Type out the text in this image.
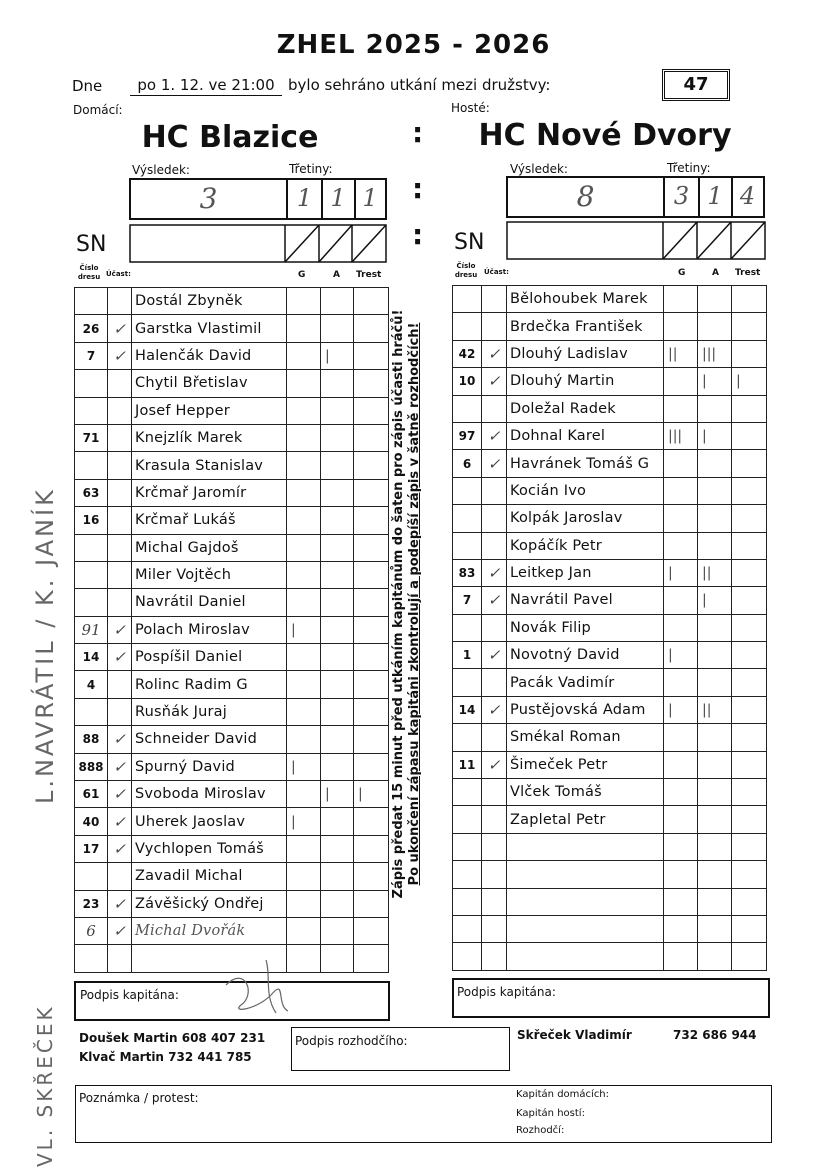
ZHEL 2025 - 2026
Dne	po 1. 12. ve 21:00 bylo sehráno utkání mezi družstvy:	47
Domácí:	Hosté:
HC Blazice	: HC Nové Dvory
Výsledek:	Třetiny:
3	1 1 1 :
Výsledek:	Třetiny:
8	3 1 4
SN	: SN
Číslo dresu Účast:	G	A Trest
Číslo dresu Účast:	G	A Trest
		Dostál Zbyněk			
26	✓	Garstka Vlastimil			
7	✓	Halenčák David		|	
		Chytil Břetislav			
		Josef Hepper			
71		Knejzlík Marek			
		Krasula Stanislav			
63		Krčmař Jaromír			
16		Krčmař Lukáš			
		Michal Gajdoš			
		Miler Vojtěch			
		Navrátil Daniel			
91	✓	Polach Miroslav	|		
14	✓	Pospíšil Daniel			
4		Rolinc Radim G			
		Rusňák Juraj			
88	✓	Schneider David			
888	✓	Spurný David	|		
61	✓	Svoboda Miroslav		|	|
40	✓	Uherek Jaoslav	|		
17	✓	Vychlopen Tomáš			
		Zavadil Michal			
23	✓	Závěšický Ondřej			
6	✓	Michal Dvořák			

		Bělohoubek Marek			
		Brdečka František			
42	✓	Dlouhý Ladislav	||	|||	
10	✓	Dlouhý Martin		|	|
		Doležal Radek			
97	✓	Dohnal Karel	|||	|	
6	✓	Havránek Tomáš G			
		Kocián Ivo			
		Kolpák Jaroslav			
		Kopáčík Petr			
83	✓	Leitkep Jan	|	||	
7	✓	Navrátil Pavel		|	
		Novák Filip			
1	✓	Novotný David	|		
		Pacák Vadimír			
14	✓	Pustějovská Adam	|	||	
		Smékal Roman			
11	✓	Šimeček Petr			
		Vlček Tomáš			
		Zapletal Petr			

Zápis předat 15 minut před utkáním kapitánům do šaten pro zápis účasti hráčů! Po ukončení zápasu kapitáni zkontrolují a podepíší zápis v šatně rozhodčích!
L.NAVRÁTIL / K. JANÍK
VL. SKŘEČEK
Podpis kapitána:	Podpis kapitána:
Doušek Martin 608 407 231
Klvač Martin 732 441 785
Podpis rozhodčího:	Skřeček Vladimír	732 686 944
Poznámka / protest:	Kapitán domácích:
Kapitán hostí:
Rozhodčí:
